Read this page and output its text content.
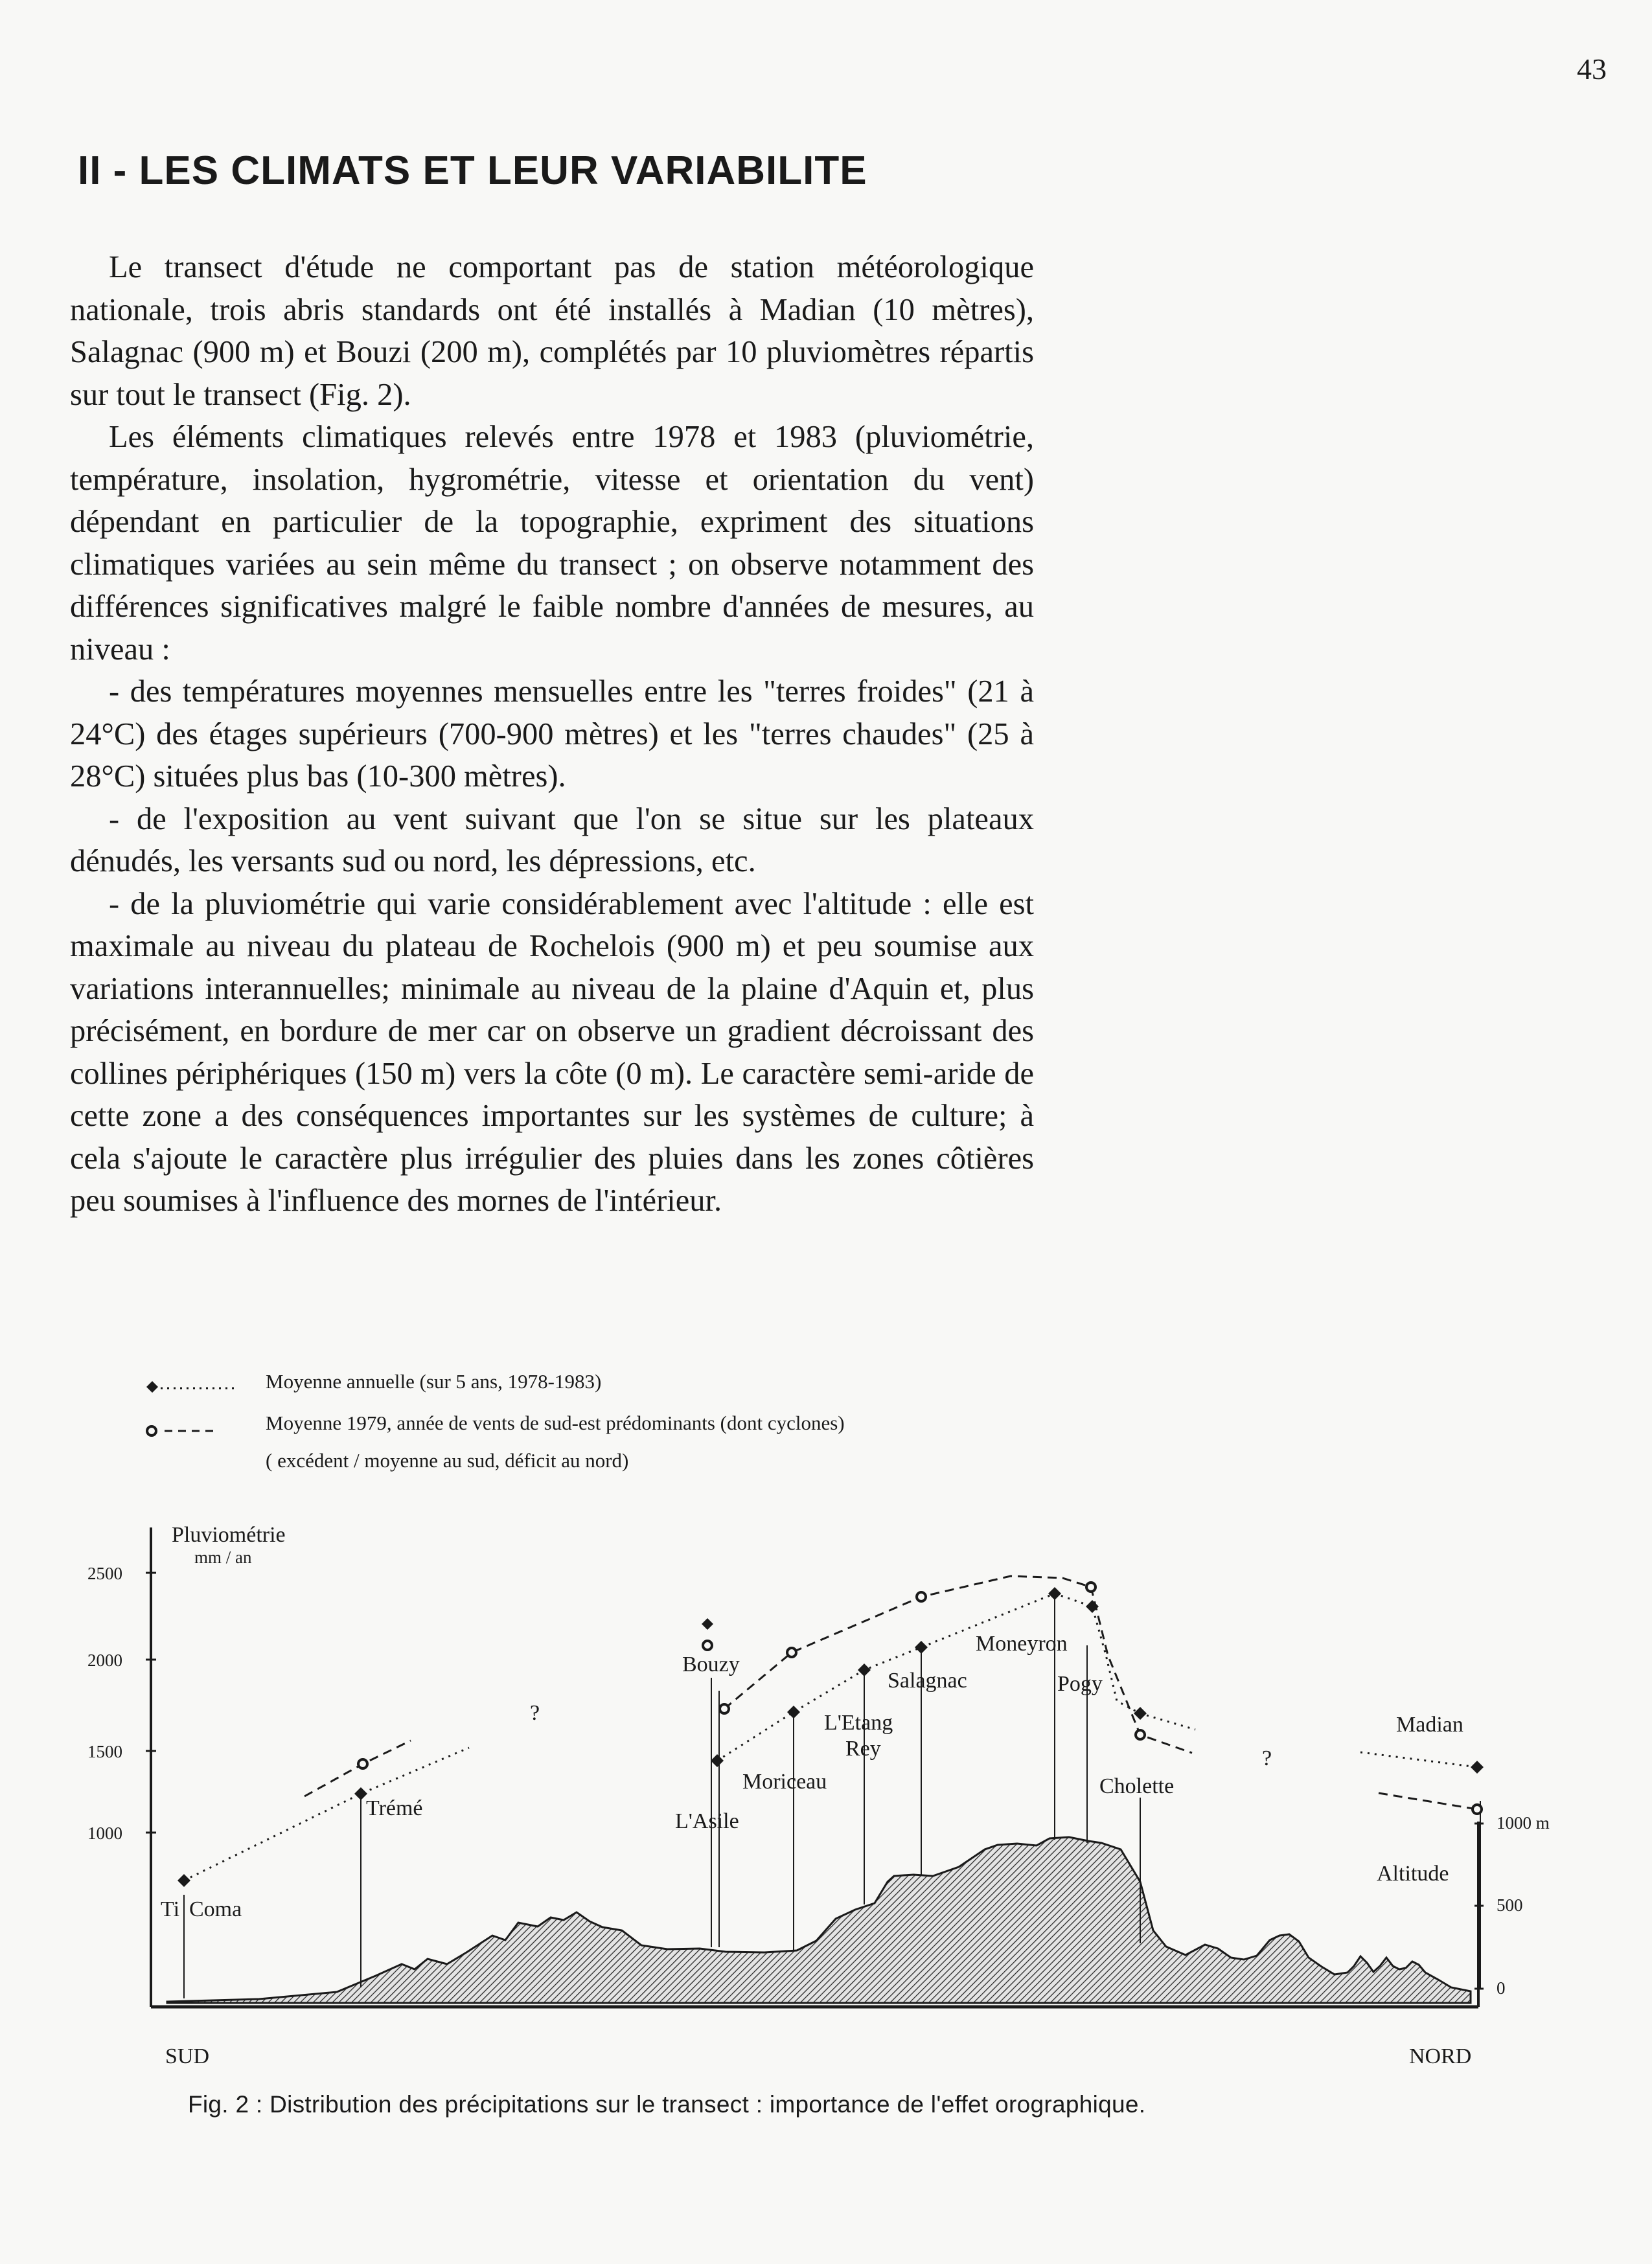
43
II - LES CLIMATS ET LEUR VARIABILITE

Le transect d'étude ne comportant pas de station météorologique nationale, trois abris standards ont été installés à Madian (10 mètres), Salagnac (900 m) et Bouzi (200 m), complétés par 10 pluviomètres répartis sur tout le transect (Fig. 2).

Les éléments climatiques relevés entre 1978 et 1983 (pluviométrie, température, insolation, hygrométrie, vitesse et orientation du vent) dépendant en particulier de la topographie, expriment des situations climatiques variées au sein même du transect ; on observe notamment des différences significatives malgré le faible nombre d'années de mesures, au niveau :

- des températures moyennes mensuelles entre les "terres froides" (21 à 24°C) des étages supérieurs (700-900 mètres) et les "terres chaudes" (25 à 28°C) situées plus bas (10-300 mètres).

- de l'exposition au vent suivant que l'on se situe sur les plateaux dénudés, les versants sud ou nord, les dépressions, etc.

- de la pluviométrie qui varie considérablement avec l'altitude : elle est maximale au niveau du plateau de Rochelois (900 m) et peu soumise aux variations interannuelles; minimale au niveau de la plaine d'Aquin et, plus précisément, en bordure de mer car on observe un gradient décroissant des collines périphériques (150 m) vers la côte (0 m). Le caractère semi-aride de cette zone a des conséquences importantes sur les systèmes de culture; à cela s'ajoute le caractère plus irrégulier des pluies dans les zones côtières peu soumises à l'influence des mornes de l'intérieur.

Moyenne annuelle (sur 5 ans, 1978-1983)
Moyenne 1979, année de vents de sud-est prédominants (dont cyclones)
( excédent / moyenne au sud, déficit au nord)
Pluviométrie
mm / an
2500
2000
1500
1000
1000 m
500
0
Altitude
Ti Coma
Trémé
L'Asile
Bouzy
Moriceau
L'Etang
Rey
Salagnac
Moneyron
Pogy
Cholette
Madian
?
?
SUD	NORD
Fig. 2 : Distribution des précipitations sur le transect : importance de l'effet orographique.
